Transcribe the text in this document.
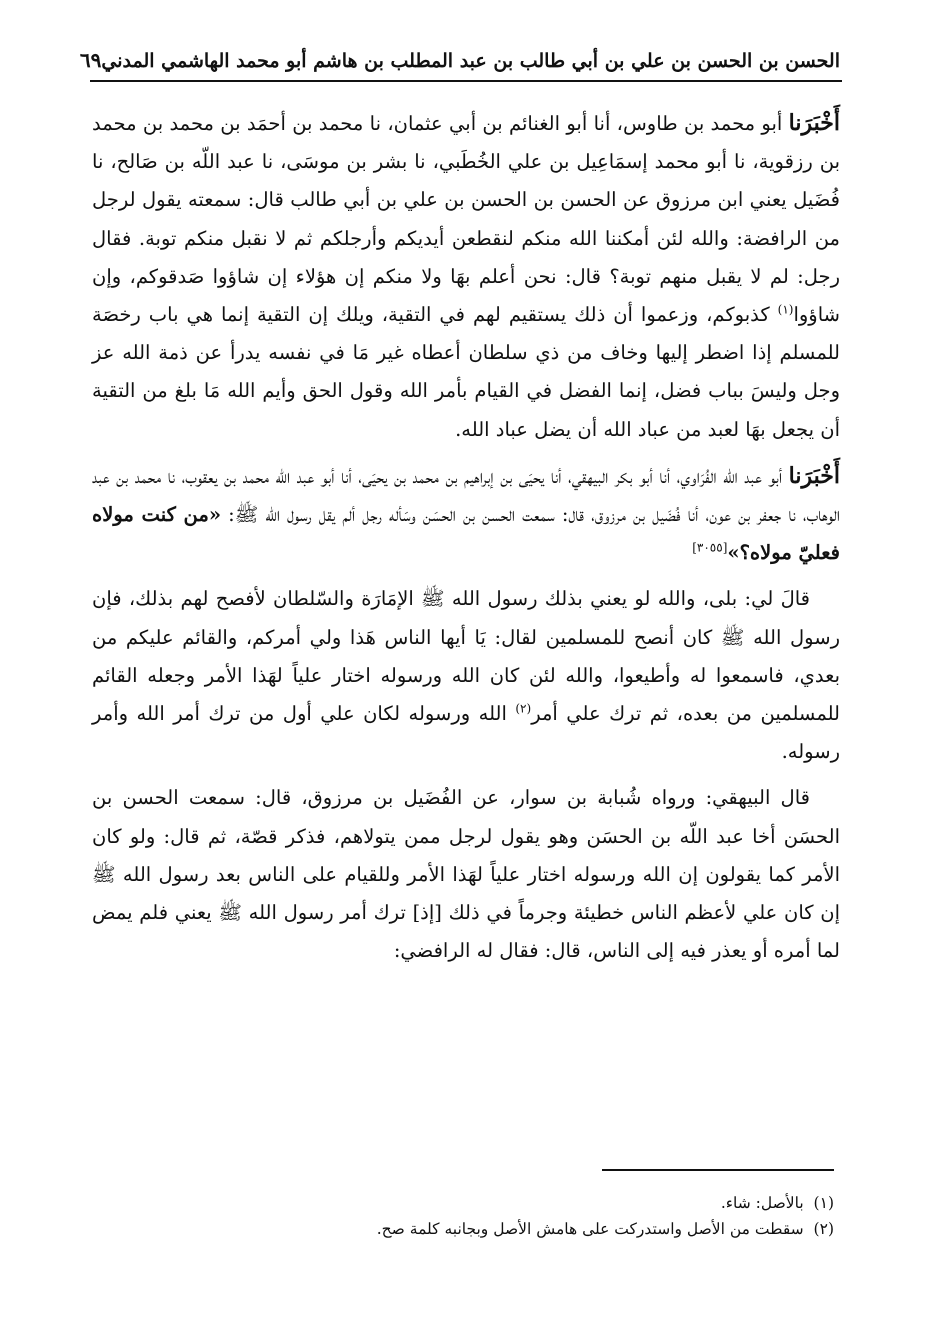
الحسن بن الحسن بن علي بن أبي طالب بن عبد المطلب بن هاشم أبو محمد الهاشمي المدني
٦٩

أَخْبَرَنا أبو محمد بن طاوس، أنا أبو الغنائم بن أبي عثمان، نا محمد بن أحمَد بن محمد بن محمد بن رزقوية، نا أبو محمد إسمَاعِيل بن علي الخُطَبي، نا بشر بن موسَى، نا عبد اللّه بن صَالح، نا فُضَيل يعني ابن مرزوق عن الحسن بن الحسن بن علي بن أبي طالب قال: سمعته يقول لرجل من الرافضة: والله لئن أمكننا الله منكم لنقطعن أيديكم وأرجلكم ثم لا نقبل منكم توبة. فقال رجل: لم لا يقبل منهم توبة؟ قال: نحن أعلم بهَا ولا منكم إن هؤلاء إن شاؤوا صَدقوكم، وإن شاؤوا$^{(١)}$ كذبوكم، وزعموا أن ذلك يستقيم لهم في التقية، ويلك إن التقية إنما هي باب رخصَة للمسلم إذا اضطر إليها وخاف من ذي سلطان أعطاه غير مَا في نفسه يدرأ عن ذمة الله عز وجل وليسَ بباب فضل، إنما الفضل في القيام بأمر الله وقول الحق وأيم الله مَا بلغ من التقية أن يجعل بهَا لعبد من عباد الله أن يضل عباد الله.

أَخْبَرَنا أبو عبد اللّه الفُرَاوي، أنا أبو بكر البيهقي، أنا يحيَى بن إبراهيم بن محمد بن يحيَى، أنا أبو عبد اللّه محمد بن يعقوب، نا محمد بن عبد الوهاب، نا جعفر بن عون، أنا فُضَيل بن مرزوق، قال: سمعت الحسن بن الحسَن وسَأله رجل ألم يقل رسول الله ﷺ: «من كنت مولاه فعليّ مولاه؟»[٣٠٥٥]

قالَ لي: بلى، والله لو يعني بذلك رسول الله ﷺ الإمَارَة والسّلطان لأفصح لهم بذلك، فإن رسول الله ﷺ كان أنصح للمسلمين لقال: يَا أيها الناس هَذا ولي أمركم، والقائم عليكم من بعدي، فاسمعوا له وأطيعوا، والله لئن كان الله ورسوله اختار علياً لهَذا الأمر وجعله القائم للمسلمين من بعده، ثم ترك علي أمر$^{(٢)}$ الله ورسوله لكان علي أول من ترك أمر الله وأمر رسوله.

قال البيهقي: ورواه شُبابة بن سوار، عن الفُضَيل بن مرزوق، قال: سمعت الحسن بن الحسَن أخا عبد اللّه بن الحسَن وهو يقول لرجل ممن يتولاهم، فذكر قصّة، ثم قال: ولو كان الأمر كما يقولون إن الله ورسوله اختار علياً لهَذا الأمر وللقيام على الناس بعد رسول الله ﷺ إن كان علي لأعظم الناس خطيئة وجرماً في ذلك [إذ] ترك أمر رسول الله ﷺ يعني فلم يمض لما أمره أو يعذر فيه إلى الناس، قال: فقال له الرافضي:

(١)  بالأصل: شاء.

(٢)  سقطت من الأصل واستدركت على هامش الأصل وبجانبه كلمة صح.
